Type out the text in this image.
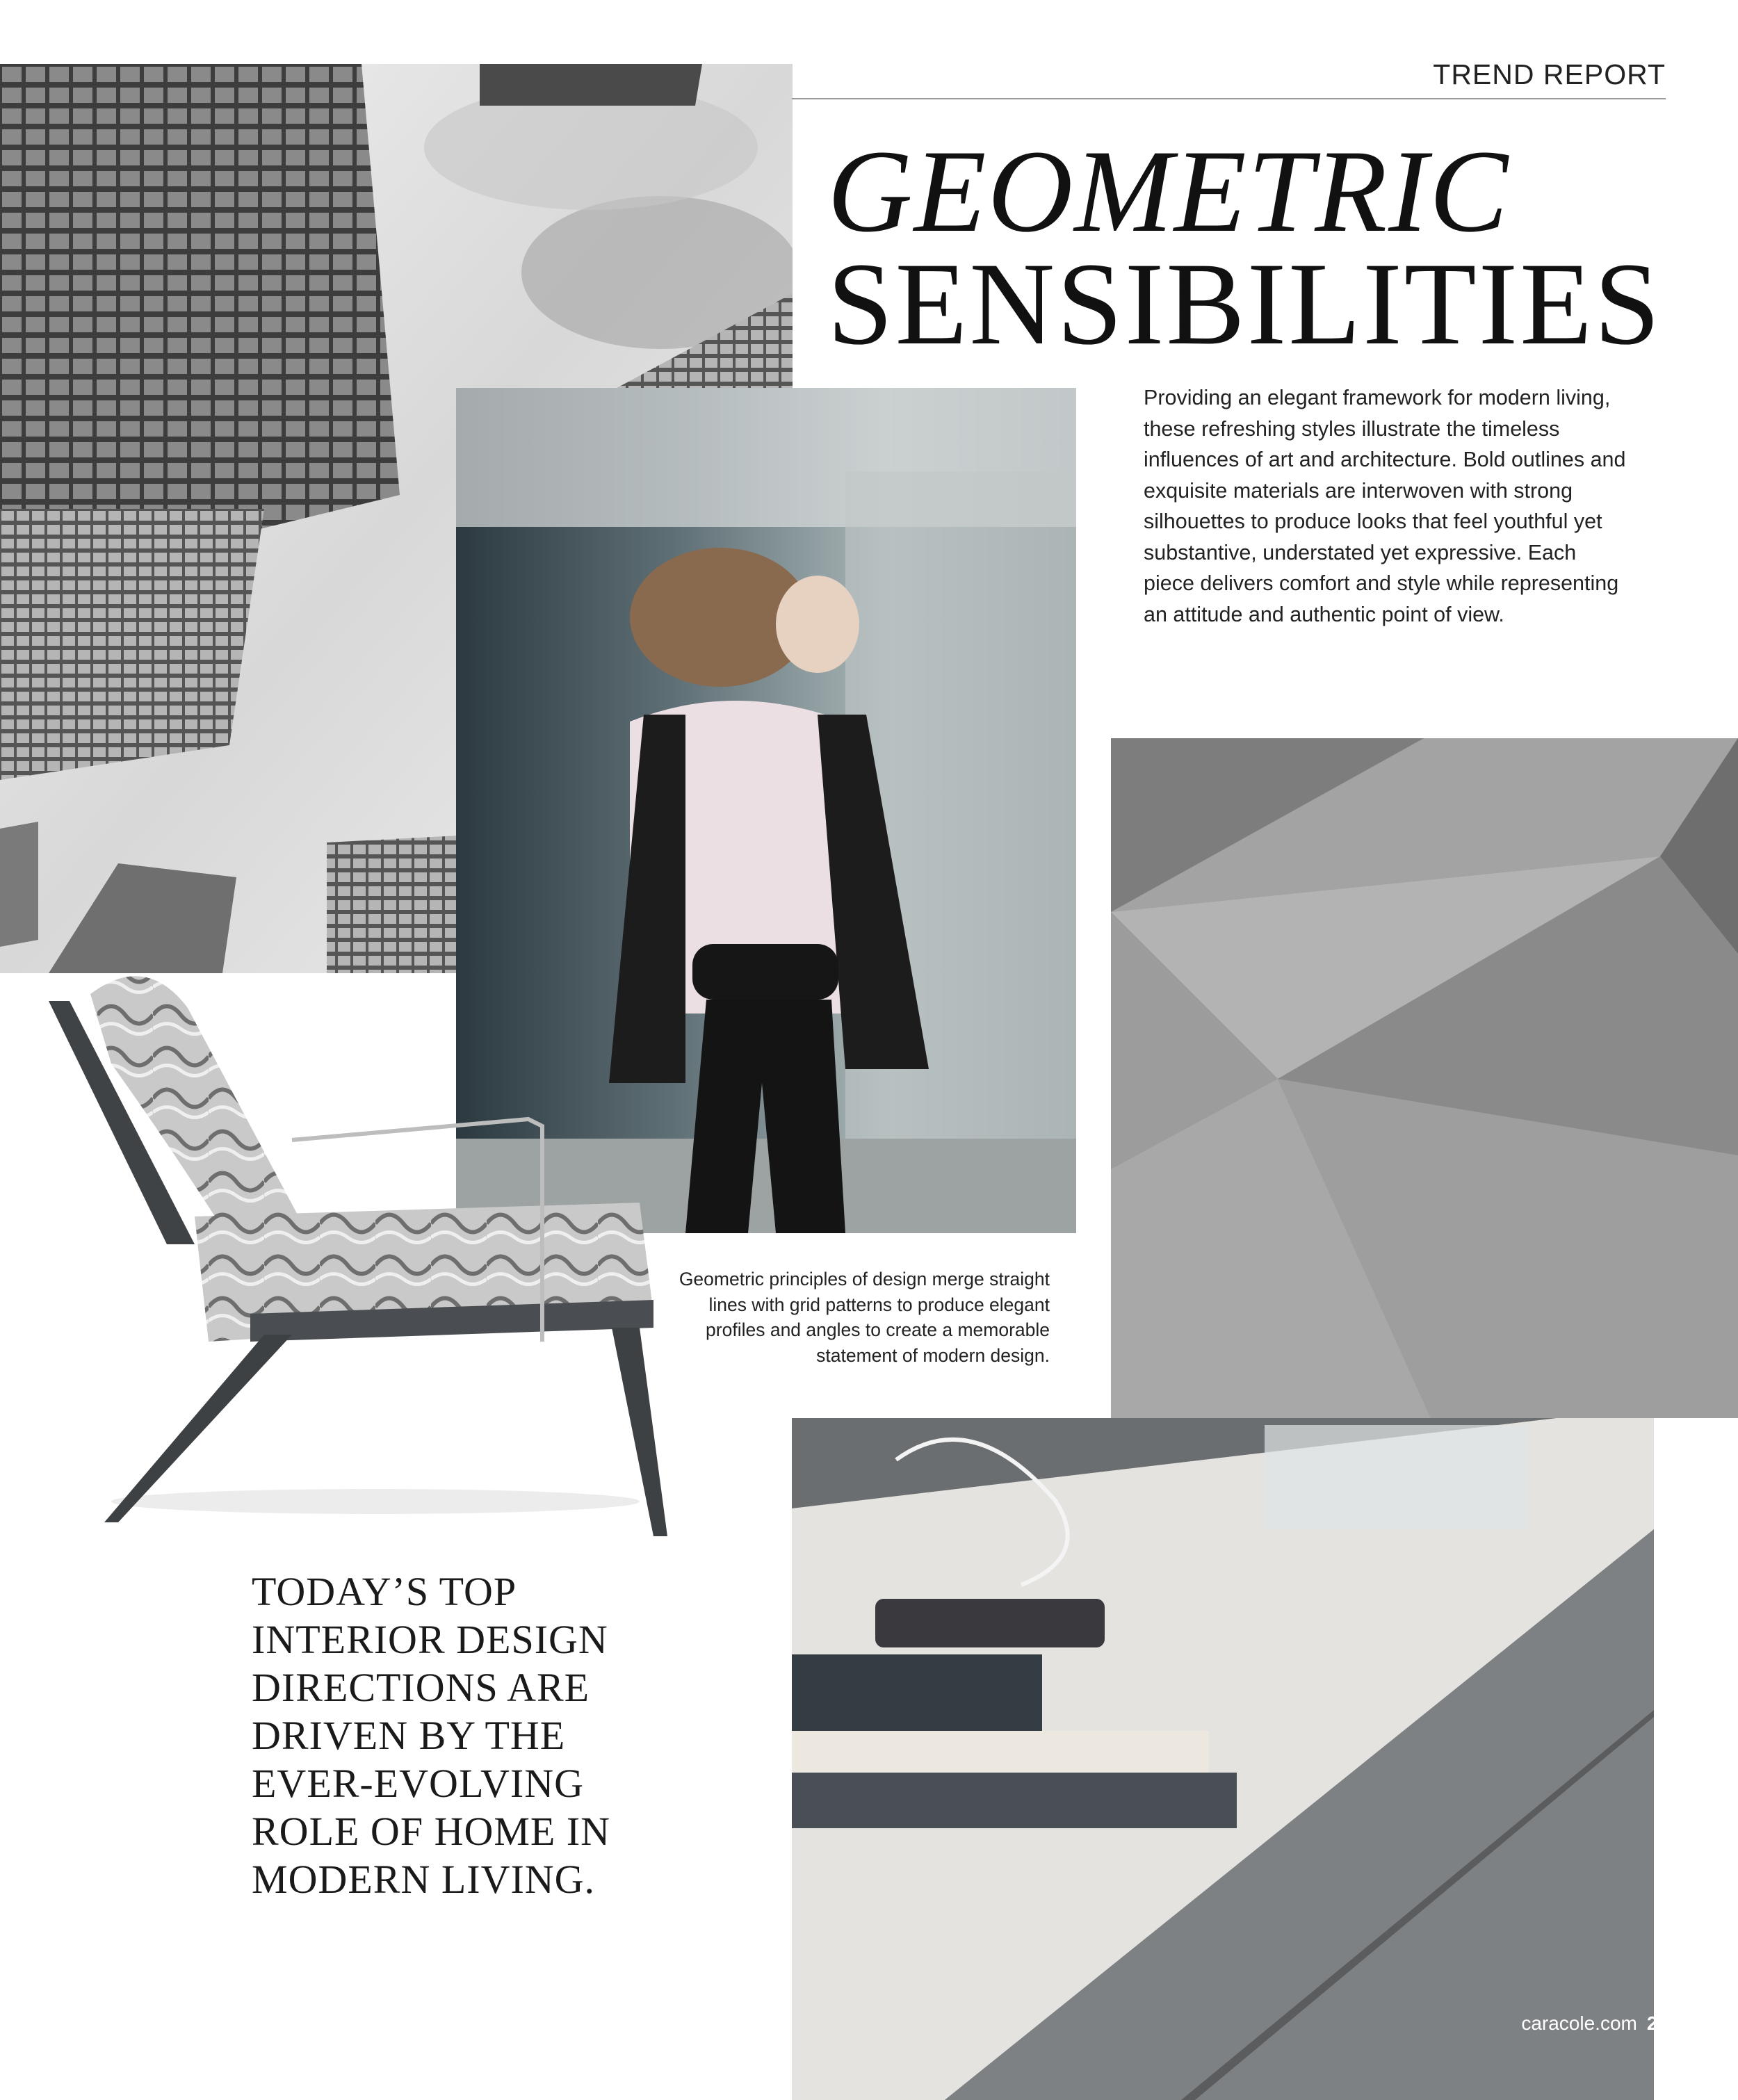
TREND REPORT
GEOMETRIC
SENSIBILITIES
Providing an elegant framework for modern living, these refreshing styles illustrate the timeless influences of art and architecture. Bold outlines and exquisite materials are interwoven with strong silhouettes to produce looks that feel youthful yet substantive, understated yet expressive. Each piece delivers comfort and style while representing an attitude and authentic point of view.
Geometric principles of design merge straight lines with grid patterns to produce elegant profiles and angles to create a memorable statement of modern design.
TODAY’S TOP INTERIOR DESIGN DIRECTIONS ARE DRIVEN BY THE EVER-EVOLVING ROLE OF HOME IN MODERN LIVING.
caracole.com 21
